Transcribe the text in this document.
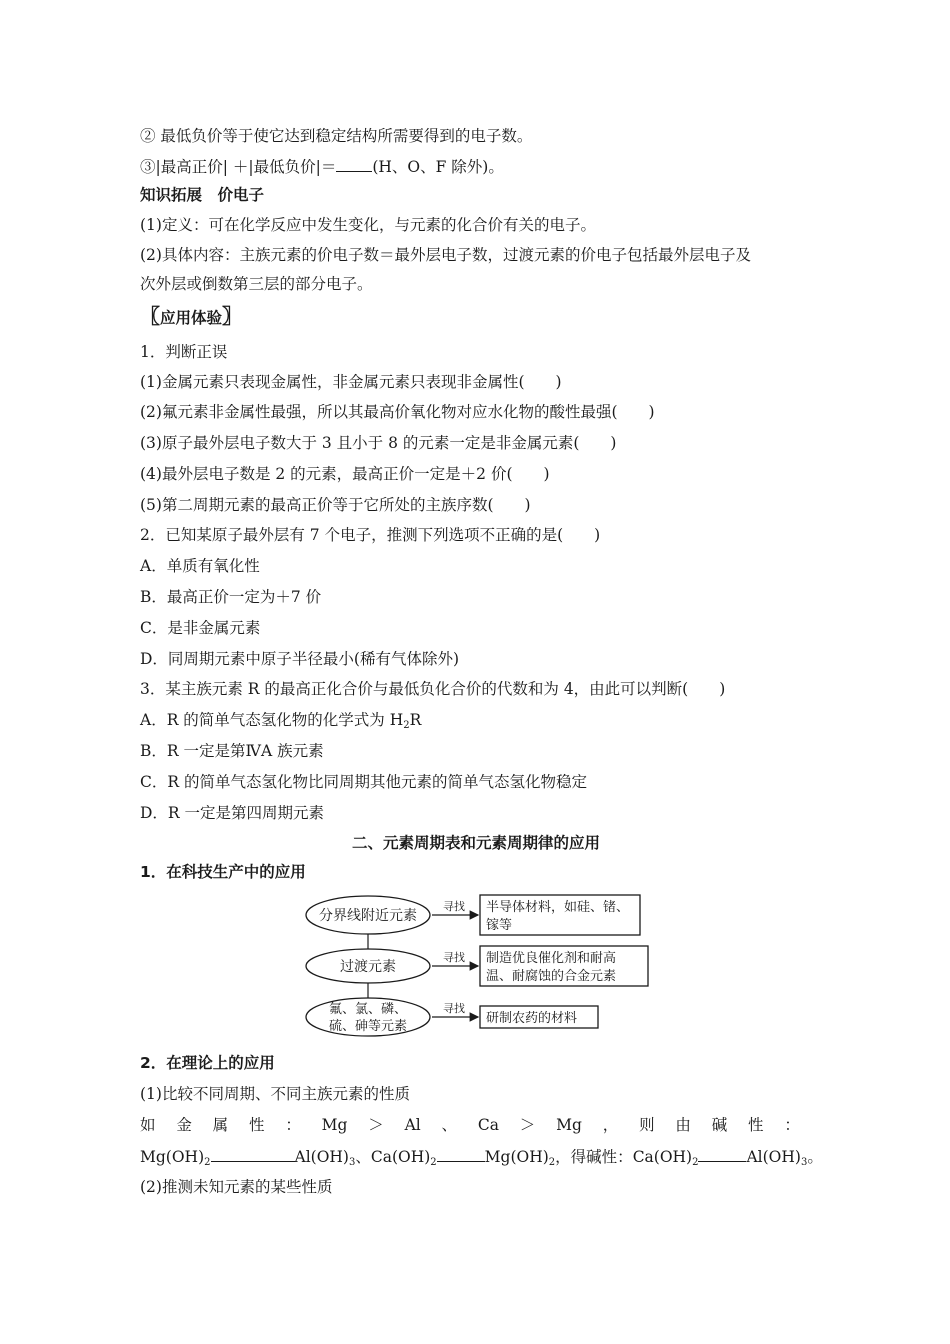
② 最低负价等于使它达到稳定结构所需要得到的电子数。
③|最高正价| ＋|最低负价|＝ (H、O、F 除外)。
知识拓展　价电子
(1)定义：可在化学反应中发生变化，与元素的化合价有关的电子。
(2)具体内容：主族元素的价电子数＝最外层电子数，过渡元素的价电子包括最外层电子及
次外层或倒数第三层的部分电子。
〖应用体验〗
1．判断正误
(1)金属元素只表现金属性，非金属元素只表现非金属性(　　)
(2)氟元素非金属性最强，所以其最高价氧化物对应水化物的酸性最强(　　)
(3)原子最外层电子数大于 3 且小于 8 的元素一定是非金属元素(　　)
(4)最外层电子数是 2 的元素，最高正价一定是＋2 价(　　)
(5)第二周期元素的最高正价等于它所处的主族序数(　　)
2．已知某原子最外层有 7 个电子，推测下列选项不正确的是(　　)
A．单质有氧化性
B．最高正价一定为＋7 价
C．是非金属元素
D．同周期元素中原子半径最小(稀有气体除外)
3．某主族元素 R 的最高正化合价与最低负化合价的代数和为 4，由此可以判断(　　)
A．R 的简单气态氢化物的化学式为 $H_2R$
B．R 一定是第ⅣA 族元素
C．R 的简单气态氢化物比同周期其他元素的简单气态氢化物稳定
D．R 一定是第四周期元素
二、元素周期表和元素周期律的应用
1．在科技生产中的应用
2．在理论上的应用
(1)比较不同周期、不同主族元素的性质
如 金 属 性 ： Mg ＞ Al 、 Ca ＞ Mg ， 则 由 碱 性 ：
$Mg(OH)_2$	$Al(OH)_3$、$Ca(OH)_2$	$Mg(OH)_2$，得碱性：$Ca(OH)_2$	$Al(OH)_3$。
(2)推测未知元素的某些性质
分界线附近元素
寻找 半导体材料，如硅、锗、
镓等
过渡元素
寻找 制造优良催化剂和耐高
温、耐腐蚀的合金元素
氟、氯、磷、
硫、砷等元素
寻找
研制农药的材料
